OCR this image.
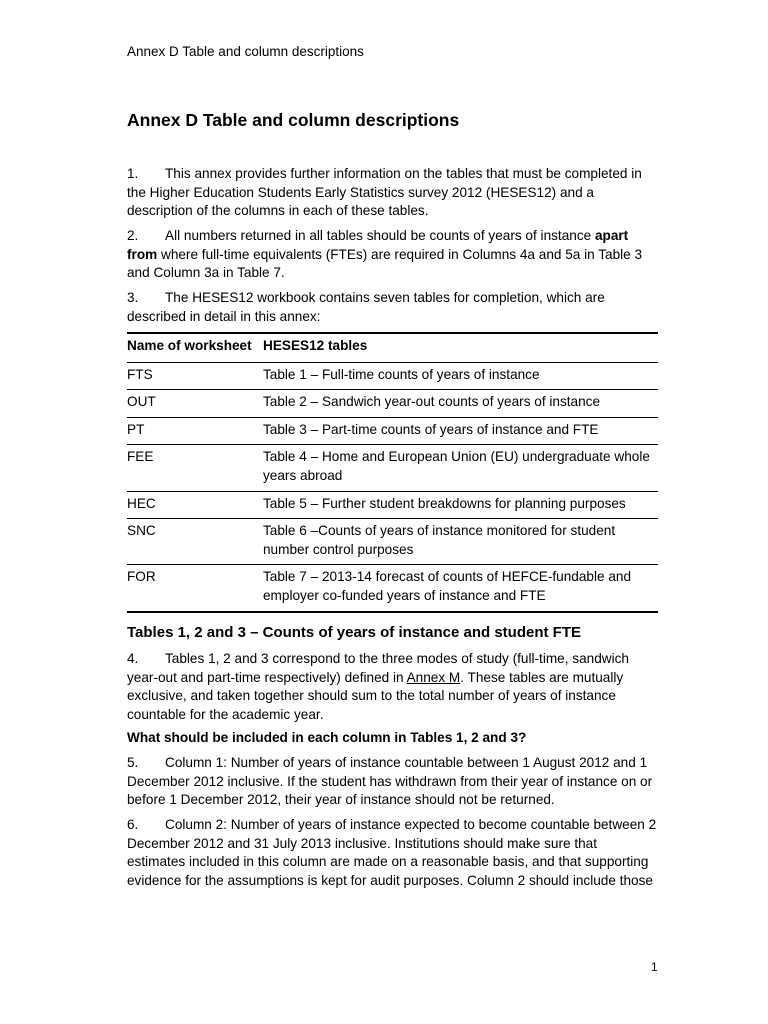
Annex D Table and column descriptions
Annex D Table and column descriptions

1. This annex provides further information on the tables that must be completed in the Higher Education Students Early Statistics survey 2012 (HESES12) and a description of the columns in each of these tables.

2. All numbers returned in all tables should be counts of years of instance apart from where full-time equivalents (FTEs) are required in Columns 4a and 5a in Table 3 and Column 3a in Table 7.

3. The HESES12 workbook contains seven tables for completion, which are described in detail in this annex:

Name of worksheet	HESES12 tables
FTS	Table 1 – Full-time counts of years of instance
OUT	Table 2 – Sandwich year-out counts of years of instance
PT	Table 3 – Part-time counts of years of instance and FTE
FEE	Table 4 – Home and European Union (EU) undergraduate whole years abroad
HEC	Table 5 – Further student breakdowns for planning purposes
SNC	Table 6 –Counts of years of instance monitored for student number control purposes
FOR	Table 7 – 2013-14 forecast of counts of HEFCE-fundable and employer co-funded years of instance and FTE
Tables 1, 2 and 3 – Counts of years of instance and student FTE

4. Tables 1, 2 and 3 correspond to the three modes of study (full-time, sandwich year-out and part-time respectively) defined in Annex M. These tables are mutually exclusive, and taken together should sum to the total number of years of instance countable for the academic year.

What should be included in each column in Tables 1, 2 and 3?

5. Column 1: Number of years of instance countable between 1 August 2012 and 1 December 2012 inclusive. If the student has withdrawn from their year of instance on or before 1 December 2012, their year of instance should not be returned.

6. Column 2: Number of years of instance expected to become countable between 2 December 2012 and 31 July 2013 inclusive. Institutions should make sure that estimates included in this column are made on a reasonable basis, and that supporting evidence for the assumptions is kept for audit purposes. Column 2 should include those

1
